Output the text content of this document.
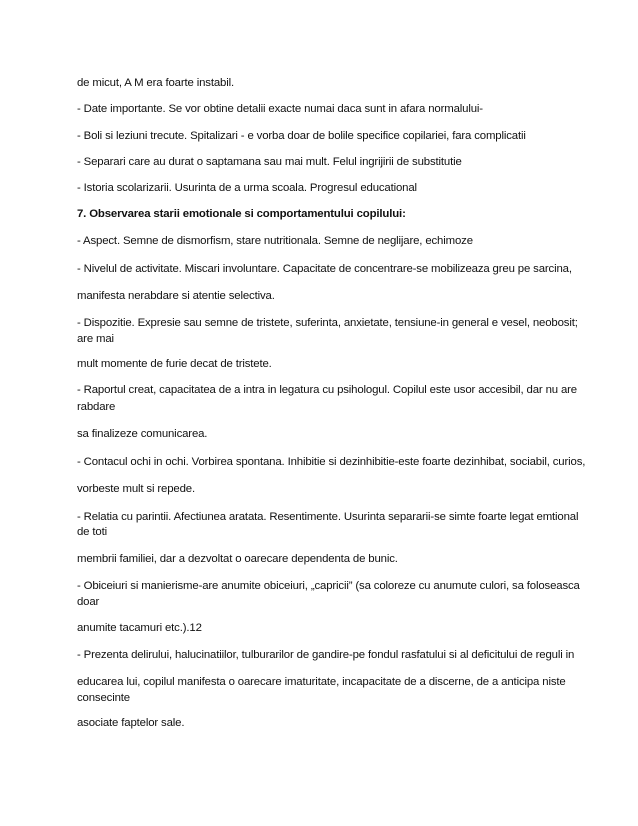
de micut, A M era foarte instabil.
- Date importante. Se vor obtine detalii exacte numai daca sunt in afara normalului-
- Boli si leziuni trecute. Spitalizari - e vorba doar de bolile specifice copilariei, fara complicatii
- Separari care au durat o saptamana sau mai mult. Felul ingrijirii de substitutie
- Istoria scolarizarii. Usurinta de a urma scoala. Progresul educational
7. Observarea starii emotionale si comportamentului copilului:
- Aspect. Semne de dismorfism, stare nutritionala. Semne de neglijare, echimoze
- Nivelul de activitate. Miscari involuntare. Capacitate de concentrare-se mobilizeaza greu pe sarcina,
manifesta nerabdare si atentie selectiva.
- Dispozitie. Expresie sau semne de tristete, suferinta, anxietate, tensiune-in general e vesel, neobosit;
are mai
mult momente de furie decat de tristete.
- Raportul creat, capacitatea de a intra in legatura cu psihologul. Copilul este usor accesibil, dar nu are
rabdare
sa finalizeze comunicarea.
- Contacul ochi in ochi. Vorbirea spontana. Inhibitie si dezinhibitie-este foarte dezinhibat, sociabil, curios,
vorbeste mult si repede.
- Relatia cu parintii. Afectiunea aratata. Resentimente. Usurinta separarii-se simte foarte legat emtional
de toti
membrii familiei, dar a dezvoltat o oarecare dependenta de bunic.
- Obiceiuri si manierisme-are anumite obiceiuri, „capricii” (sa coloreze cu anumute culori, sa foloseasca
doar
anumite tacamuri etc.).12
- Prezenta delirului, halucinatiilor, tulburarilor de gandire-pe fondul rasfatului si al deficitului de reguli in
educarea lui, copilul manifesta o oarecare imaturitate, incapacitate de a discerne, de a anticipa niste
consecinte
asociate faptelor sale.
